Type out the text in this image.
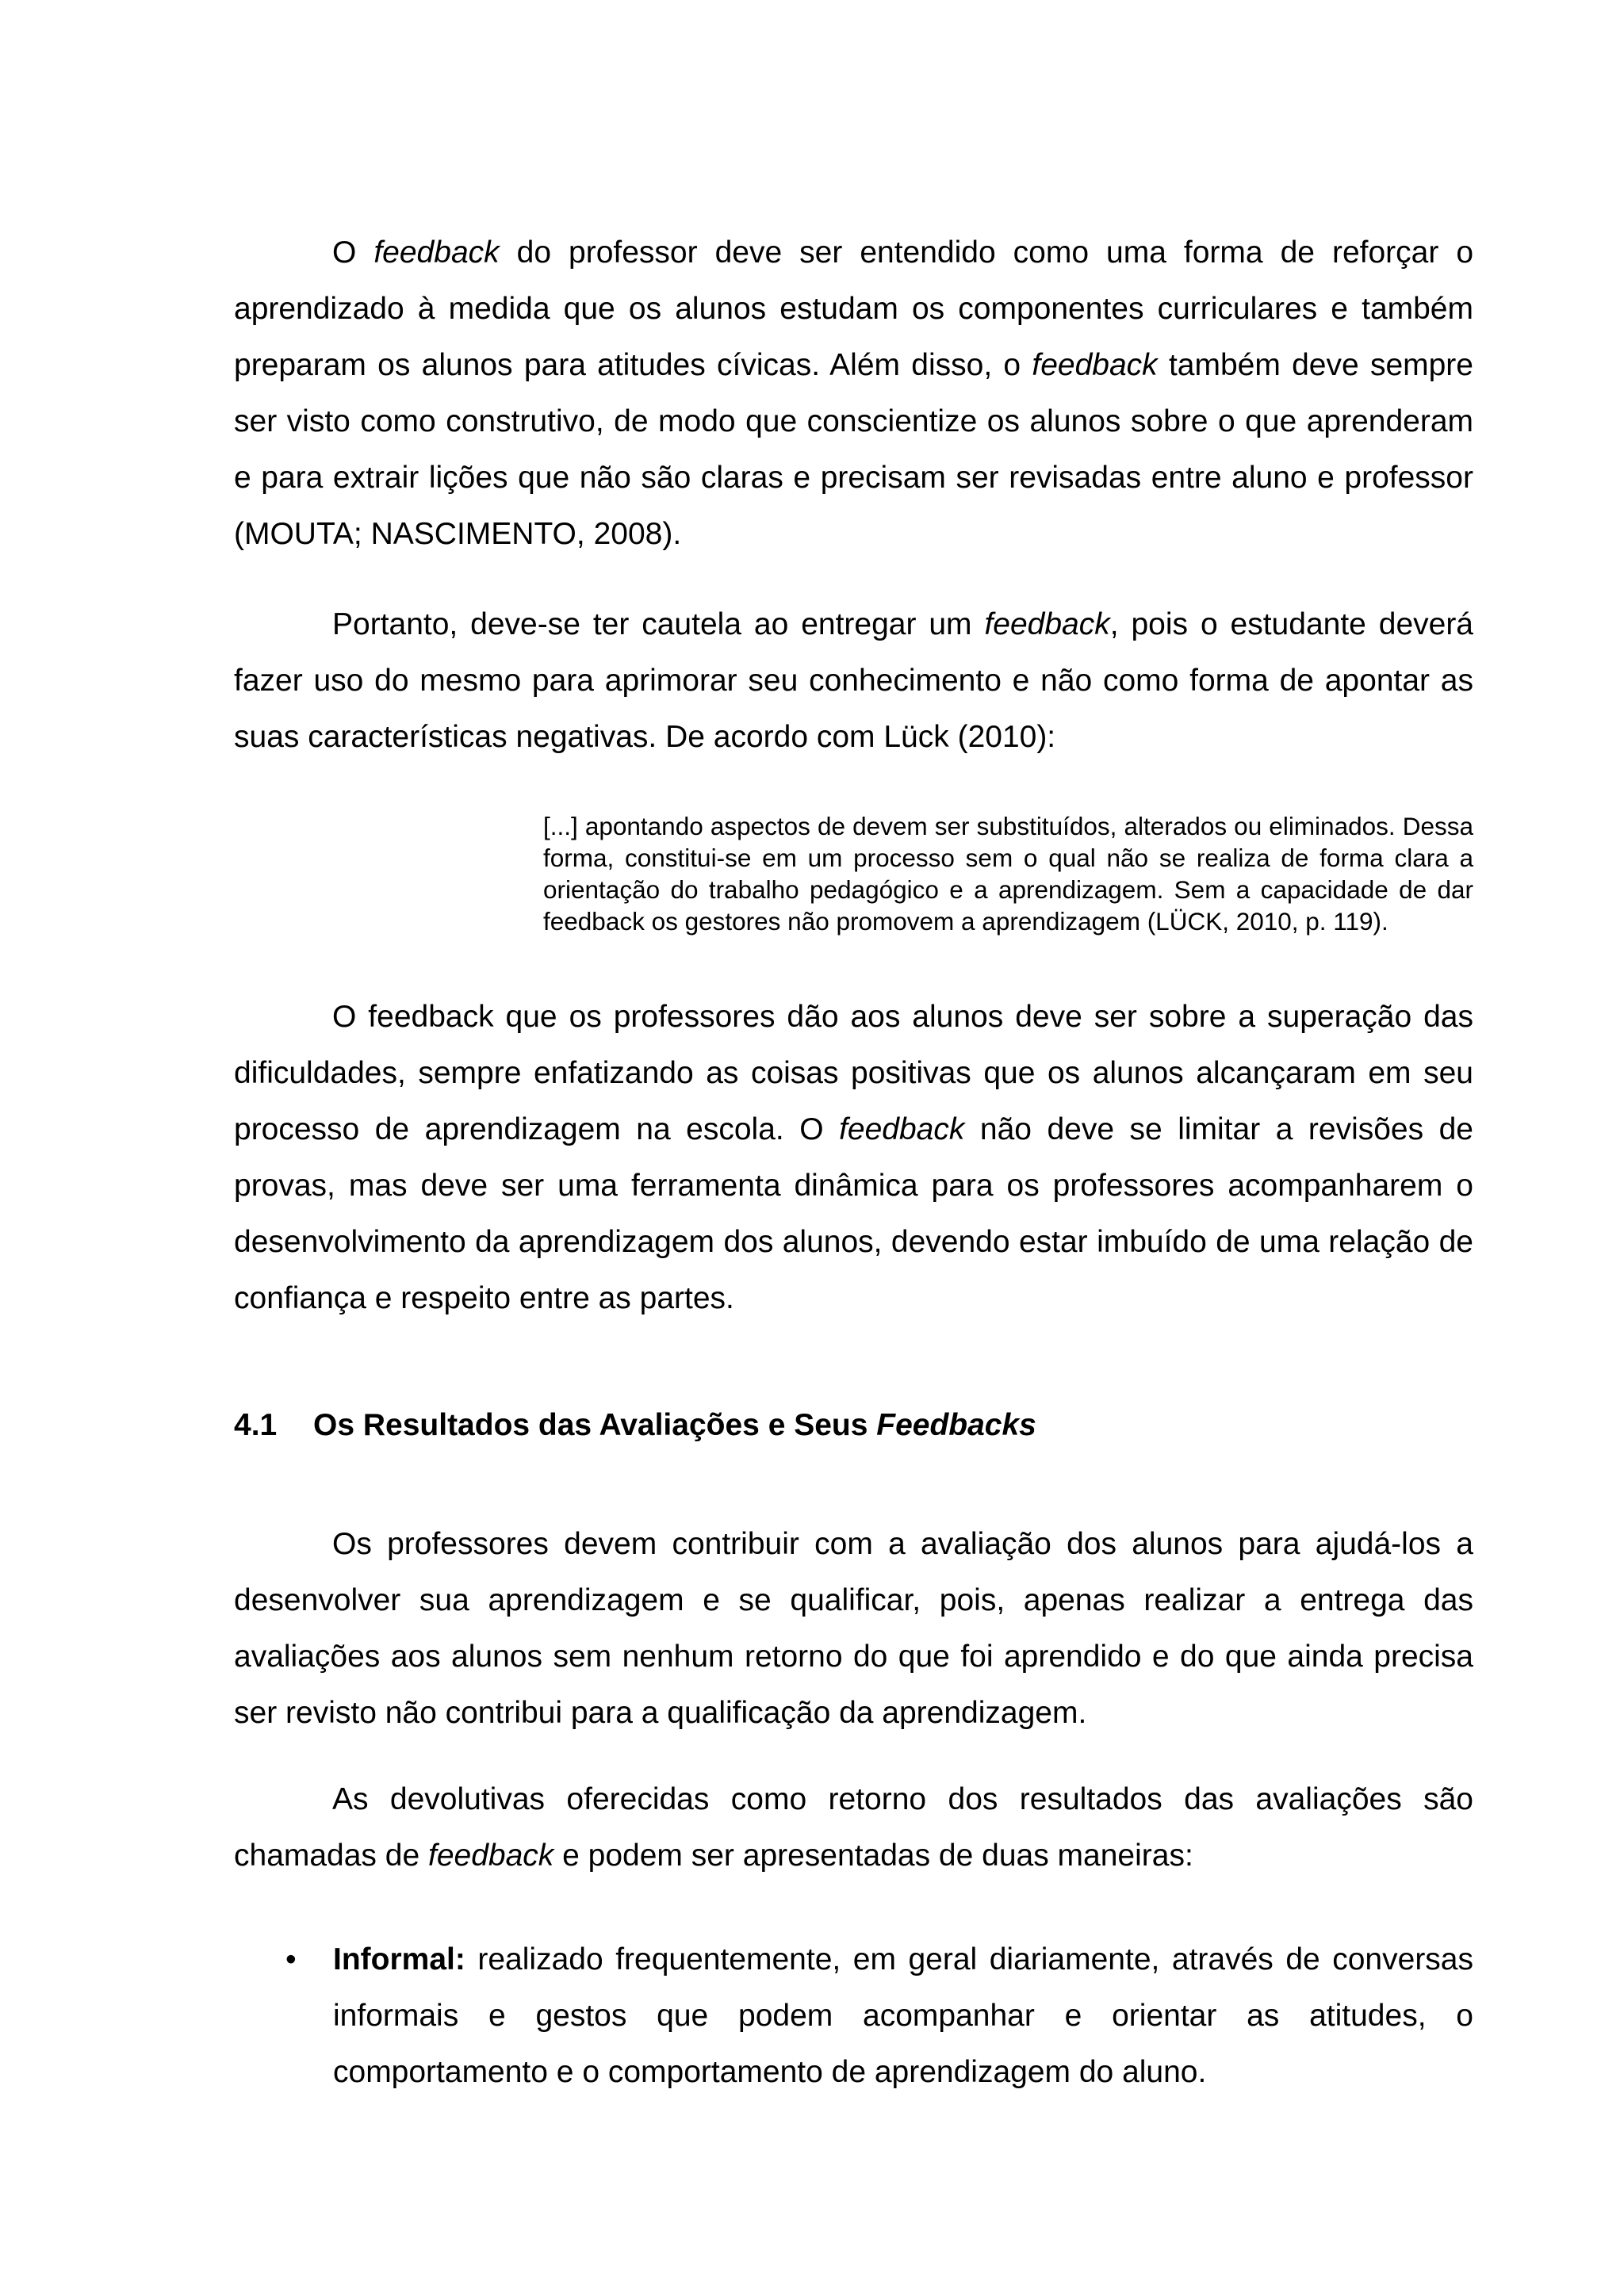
O feedback do professor deve ser entendido como uma forma de reforçar o aprendizado à medida que os alunos estudam os componentes curriculares e também preparam os alunos para atitudes cívicas. Além disso, o feedback também deve sempre ser visto como construtivo, de modo que conscientize os alunos sobre o que aprenderam e para extrair lições que não são claras e precisam ser revisadas entre aluno e professor (MOUTA; NASCIMENTO, 2008).

Portanto, deve-se ter cautela ao entregar um feedback, pois o estudante deverá fazer uso do mesmo para aprimorar seu conhecimento e não como forma de apontar as suas características negativas. De acordo com Lück (2010):

[...] apontando aspectos de devem ser substituídos, alterados ou eliminados. Dessa forma, constitui-se em um processo sem o qual não se realiza de forma clara a orientação do trabalho pedagógico e a aprendizagem. Sem a capacidade de dar feedback os gestores não promovem a aprendizagem (LÜCK, 2010, p. 119).

O feedback que os professores dão aos alunos deve ser sobre a superação das dificuldades, sempre enfatizando as coisas positivas que os alunos alcançaram em seu processo de aprendizagem na escola. O feedback não deve se limitar a revisões de provas, mas deve ser uma ferramenta dinâmica para os professores acompanharem o desenvolvimento da aprendizagem dos alunos, devendo estar imbuído de uma relação de confiança e respeito entre as partes.

4.1 Os Resultados das Avaliações e Seus Feedbacks

Os professores devem contribuir com a avaliação dos alunos para ajudá-los a desenvolver sua aprendizagem e se qualificar, pois, apenas realizar a entrega das avaliações aos alunos sem nenhum retorno do que foi aprendido e do que ainda precisa ser revisto não contribui para a qualificação da aprendizagem.

As devolutivas oferecidas como retorno dos resultados das avaliações são chamadas de feedback e podem ser apresentadas de duas maneiras:

• Informal: realizado frequentemente, em geral diariamente, através de conversas informais e gestos que podem acompanhar e orientar as atitudes, o comportamento e o comportamento de aprendizagem do aluno.
